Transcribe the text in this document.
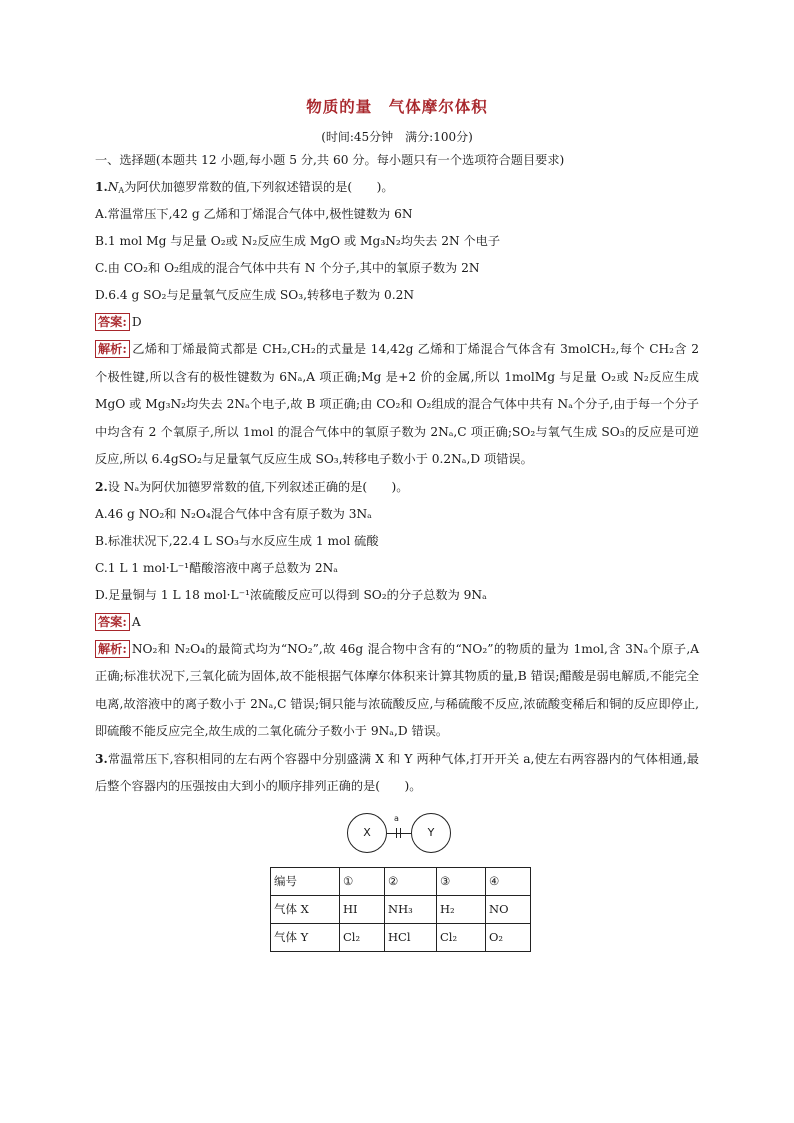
物质的量　气体摩尔体积
(时间:45分钟　满分:100分)
一、选择题(本题共 12 小题,每小题 5 分,共 60 分。每小题只有一个选项符合题目要求)
$1.N_A$为阿伏加德罗常数的值,下列叙述错误的是(　　)。
A.常温常压下,42 g 乙烯和丁烯混合气体中,极性键数为 6N
B.1 mol Mg 与足量 O₂或 N₂反应生成 MgO 或 Mg₃N₂均失去 2N 个电子
C.由 CO₂和 O₂组成的混合气体中共有 N 个分子,其中的氧原子数为 2N
D.6.4 g SO₂与足量氧气反应生成 SO₃,转移电子数为 0.2N
答案: D
解析: 乙烯和丁烯最简式都是 CH₂,CH₂的式量是 14,42g 乙烯和丁烯混合气体含有 3molCH₂,每个 CH₂含 2 个极性键,所以含有的极性键数为 6Nₐ,A 项正确;Mg 是+2 价的金属,所以 1molMg 与足量 O₂或 N₂反应生成 MgO 或 Mg₃N₂均失去 2Nₐ个电子,故 B 项正确;由 CO₂和 O₂组成的混合气体中共有 Nₐ个分子,由于每一个分子中均含有 2 个氧原子,所以 1mol 的混合气体中的氧原子数为 2Nₐ,C 项正确;SO₂与氧气生成 SO₃的反应是可逆反应,所以 6.4gSO₂与足量氧气反应生成 SO₃,转移电子数小于 0.2Nₐ,D 项错误。
2.设 Nₐ为阿伏加德罗常数的值,下列叙述正确的是(　　)。
A.46 g NO₂和 N₂O₄混合气体中含有原子数为 3Nₐ
B.标准状况下,22.4 L SO₃与水反应生成 1 mol 硫酸
C.1 L 1 mol·L⁻¹醋酸溶液中离子总数为 2Nₐ
D.足量铜与 1 L 18 mol·L⁻¹浓硫酸反应可以得到 SO₂的分子总数为 9Nₐ
答案: A
解析: NO₂和 N₂O₄的最简式均为“NO₂”,故 46g 混合物中含有的“NO₂”的物质的量为 1mol,含 3Nₐ个原子,A 正确;标准状况下,三氧化硫为固体,故不能根据气体摩尔体积来计算其物质的量,B 错误;醋酸是弱电解质,不能完全电离,故溶液中的离子数小于 2Nₐ,C 错误;铜只能与浓硫酸反应,与稀硫酸不反应,浓硫酸变稀后和铜的反应即停止,即硫酸不能反应完全,故生成的二氧化硫分子数小于 9Nₐ,D 错误。
3.常温常压下,容积相同的左右两个容器中分别盛满 X 和 Y 两种气体,打开开关 a,使左右两容器内的气体相通,最后整个容器内的压强按由大到小的顺序排列正确的是(　　)。
X
a
Y
编号	①	②	③	④
气体 X	HI	NH₃	H₂	NO
气体 Y	Cl₂	HCl	Cl₂	O₂
